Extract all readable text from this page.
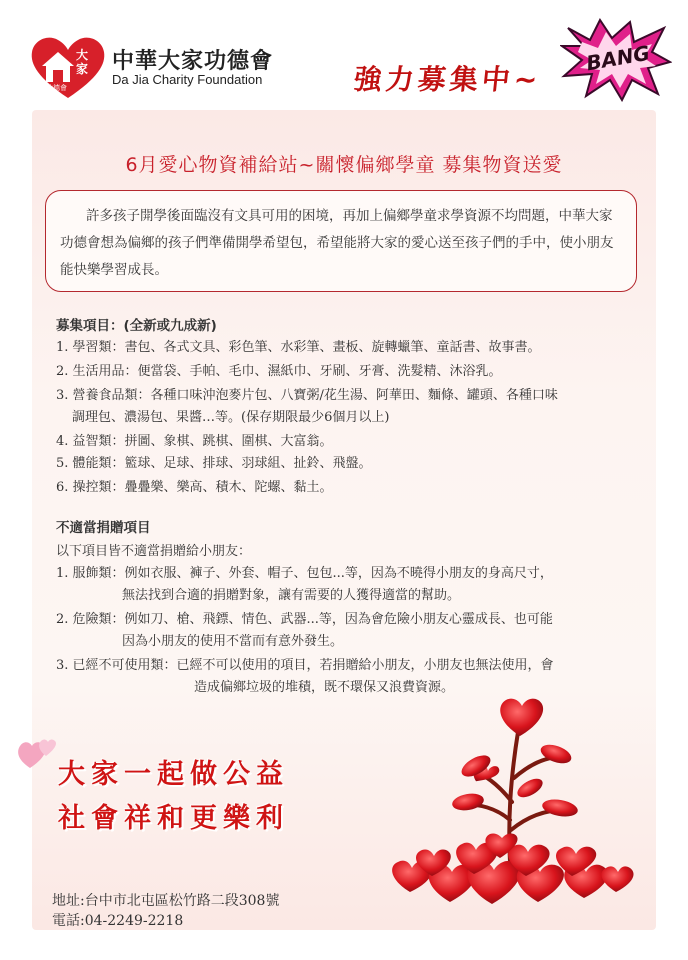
大家
功德會
中華大家功德會
Da Jia Charity Foundation	強力募集中~
BANG
6月愛心物資補給站~關懷偏鄉學童 募集物資送愛
許多孩子開學後面臨沒有文具可用的困境，再加上偏鄉學童求學資源不均問題，中華大家功德會想為偏鄉的孩子們準備開學希望包，希望能將大家的愛心送至孩子們的手中，使小朋友能快樂學習成長。
募集項目：(全新或九成新)
1. 學習類：書包、各式文具、彩色筆、水彩筆、畫板、旋轉蠟筆、童話書、故事書。
2. 生活用品：便當袋、手帕、毛巾、濕紙巾、牙刷、牙膏、洗髮精、沐浴乳。
3. 營養食品類：各種口味沖泡麥片包、八寶粥/花生湯、阿華田、麵條、罐頭、各種口味
調理包、濃湯包、果醬…等。(保存期限最少6個月以上)
4. 益智類：拼圖、象棋、跳棋、圍棋、大富翁。
5. 體能類：籃球、足球、排球、羽球組、扯鈴、飛盤。
6. 操控類：疊疊樂、樂高、積木、陀螺、黏土。
不適當捐贈項目
以下項目皆不適當捐贈給小朋友：
1. 服飾類：例如衣服、褲子、外套、帽子、包包...等，因為不曉得小朋友的身高尺寸，
無法找到合適的捐贈對象，讓有需要的人獲得適當的幫助。
2. 危險類：例如刀、槍、飛鏢、情色、武器...等，因為會危險小朋友心靈成長、也可能
因為小朋友的使用不當而有意外發生。
3. 已經不可使用類：已經不可以使用的項目，若捐贈給小朋友，小朋友也無法使用，會
造成偏鄉垃圾的堆積，既不環保又浪費資源。
大家一起做公益
社會祥和更樂利
地址:台中市北屯區松竹路二段308號
電話:04-2249-2218
